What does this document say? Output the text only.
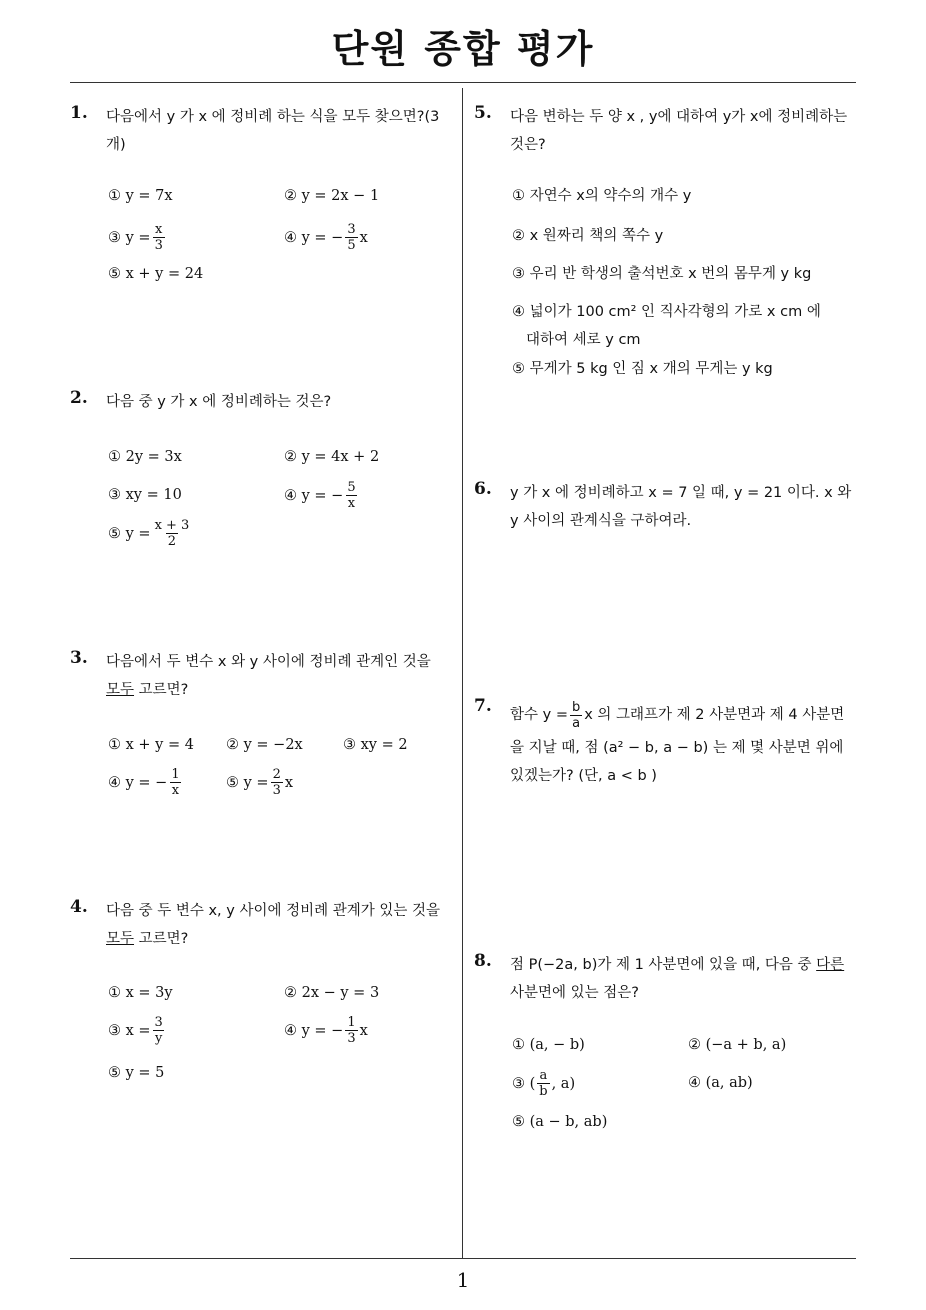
단원 종합 평가
1
1. 다음에서 y 가 x 에 정비례 하는 식을 모두 찾으면?(3
개)
① y = 7x	② y = 2x − 1
③ $y = \frac{x}{3}$	④ y = − $\frac{3}{5}$ x
⑤ x + y = 24
2. 다음 중 y 가 x 에 정비례하는 것은?
① 2y = 3x	② y = 4x + 2
③ xy = 10	④ y = − $\frac{5}{x}$
⑤ $y = \frac{x + 3}{2}$
3. 다음에서 두 변수 x 와 y 사이에 정비례 관계인 것을
모두 고르면?
① x + y = 4 ② y = −2x	③ xy = 2
④ y = − $\frac{1}{x}$	⑤ $y = \frac{2}{3}$ x
4. 다음 중 두 변수 x, y 사이에 정비례 관계가 있는 것을
모두 고르면?
① x = 3y	② 2x − y = 3
③ $x = \frac{3}{y}$	④ y = − $\frac{1}{3}$ x
⑤ y = 5
5. 다음 변하는 두 양 x , y에 대하여 y가 x에 정비례하는
것은?
① 자연수 x의 약수의 개수 y
② x 원짜리 책의 쪽수 y
③ 우리 반 학생의 출석번호 x 번의 몸무게 y kg
④ 넓이가 100 cm² 인 직사각형의 가로 x cm 에
대하여 세로 y cm
⑤ 무게가 5 kg 인 짐 x 개의 무게는 y kg
6. y 가 x 에 정비례하고 x = 7 일 때, y = 21 이다. x 와
y 사이의 관계식을 구하여라.
7. 함수 $y = \frac{b}{a}$ x 의 그래프가 제 2 사분면과 제 4 사분면
을 지날 때, 점 (a² − b, a − b) 는 제 몇 사분면 위에
있겠는가? (단, a < b )
8. 점 P(−2a, b)가 제 1 사분면에 있을 때, 다음 중 다른
사분면에 있는 점은?
① (a, − b)	② (−a + b, a)
③ ( $\frac{a}{b}$ , a)	④ (a, ab)
⑤ (a − b, ab)
